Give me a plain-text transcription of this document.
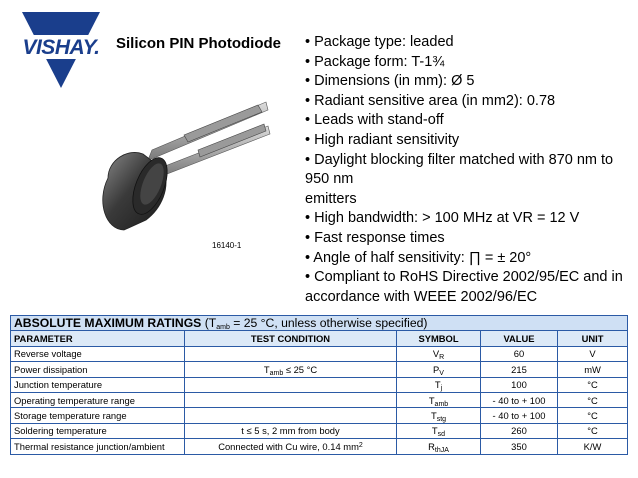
VISHAY.	Silicon PIN Photodiode • Package type: leaded
• Package form: T-1¾
• Dimensions (in mm): Ø 5
• Radiant sensitive area (in mm2): 0.78
• Leads with stand-off
• High radiant sensitivity
• Daylight blocking filter matched with 870 nm to 950 nm
emitters
• High bandwidth: > 100 MHz at VR = 12 V
• Fast response times
• Angle of half sensitivity: ∏ = ± 20°
• Compliant to RoHS Directive 2002/95/EC and in
accordance with WEEE 2002/96/EC
16140-1
ABSOLUTE MAXIMUM RATINGS ($T_{amb} = 25$ °C, unless otherwise specified)				
PARAMETER	TEST CONDITION	SYMBOL	VALUE	UNIT
Reverse voltage		$V_R$	60	V
Power dissipation	$T_{amb} \le 25$ °C	$P_V$	215	mW
Junction temperature		$T_j$	100	°C
Operating temperature range		$T_{amb}$	- 40 to + 100	°C
Storage temperature range		$T_{stg}$	- 40 to + 100	°C
Soldering temperature	t ≤ 5 s, 2 mm from body	$T_{sd}$	260	°C
Thermal resistance junction/ambient	Connected with Cu wire, 0.14 $mm^2$	$R_{thJA}$	350	K/W
